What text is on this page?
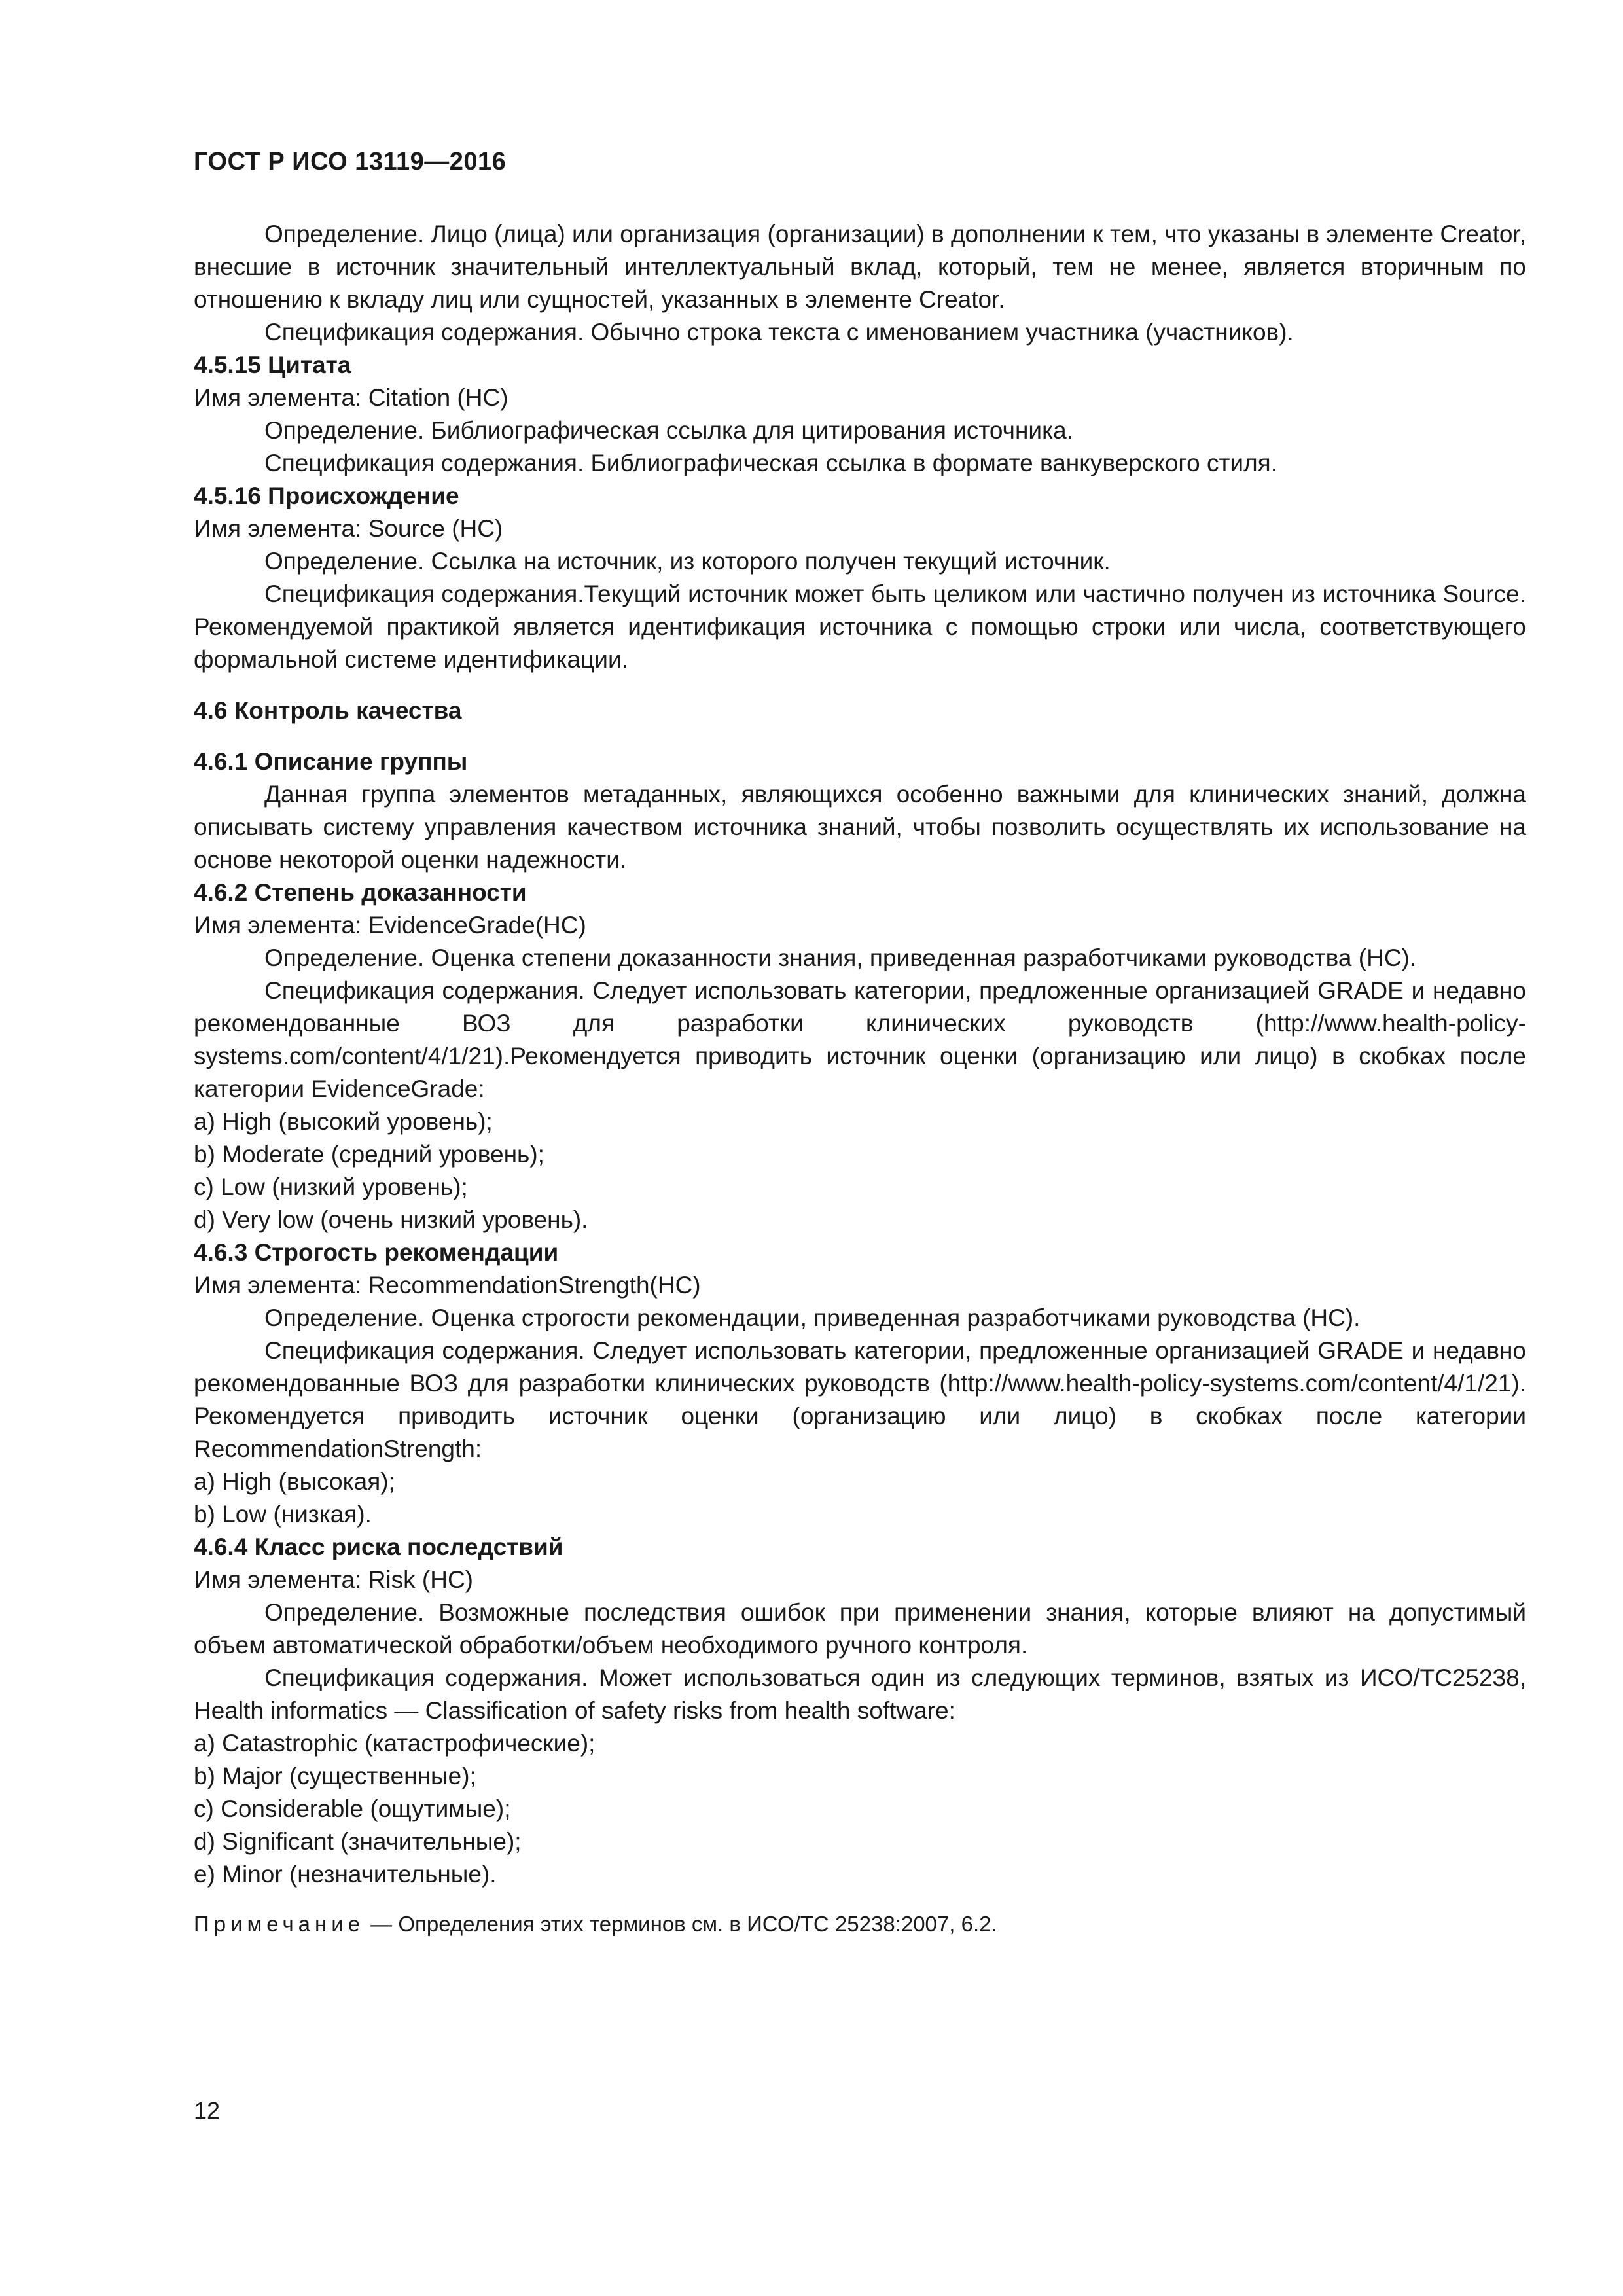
ГОСТ Р ИСО 13119—2016

Определение. Лицо (лица) или организация (организации) в дополнении к тем, что указаны в элементе Creator, внесшие в источник значительный интеллектуальный вклад, который, тем не менее, является вторичным по отношению к вкладу лиц или сущностей, указанных в элементе Creator.

Спецификация содержания. Обычно строка текста с именованием участника (участников).

4.5.15 Цитата

Имя элемента: Citation (НС)

Определение. Библиографическая ссылка для цитирования источника.

Спецификация содержания. Библиографическая ссылка в формате ванкуверского стиля.

4.5.16 Происхождение

Имя элемента: Source (НС)

Определение. Ссылка на источник, из которого получен текущий источник.

Спецификация содержания.Текущий источник может быть целиком или частично получен из источника Source. Рекомендуемой практикой является идентификация источника с помощью строки или числа, соответствующего формальной системе идентификации.

4.6 Контроль качества

4.6.1 Описание группы

Данная группа элементов метаданных, являющихся особенно важными для клинических знаний, должна описывать систему управления качеством источника знаний, чтобы позволить осуществлять их использование на основе некоторой оценки надежности.

4.6.2 Степень доказанности

Имя элемента: EvidenceGrade(НС)

Определение. Оценка степени доказанности знания, приведенная разработчиками руководства (НС).

Спецификация содержания. Следует использовать категории, предложенные организацией GRADE и недавно рекомендованные ВОЗ для разработки клинических руководств (http://www.health-policy-systems.com/content/4/1/21).Рекомендуется приводить источник оценки (организацию или лицо) в скобках после категории EvidenceGrade:

a) High (высокий уровень);

b) Moderate (средний уровень);

c) Low (низкий уровень);

d) Very low (очень низкий уровень).

4.6.3 Строгость рекомендации

Имя элемента: RecommendationStrength(НС)

Определение. Оценка строгости рекомендации, приведенная разработчиками руководства (НС).

Спецификация содержания. Следует использовать категории, предложенные организацией GRADE и недавно рекомендованные ВОЗ для разработки клинических руководств (http://www.health-policy-systems.com/content/4/1/21). Рекомендуется приводить источник оценки (организацию или лицо) в скобках после категории RecommendationStrength:

a) High (высокая);

b) Low (низкая).

4.6.4 Класс риска последствий

Имя элемента: Risk (НС)

Определение. Возможные последствия ошибок при применении знания, которые влияют на допустимый объем автоматической обработки/объем необходимого ручного контроля.

Спецификация содержания. Может использоваться один из следующих терминов, взятых из ИСО/ТС25238, Health informatics — Classification of safety risks from health software:

a) Catastrophic (катастрофические);

b) Major (существенные);

c) Considerable (ощутимые);

d) Significant (значительные);

e) Minor (незначительные).

Примечание — Определения этих терминов см. в ИСО/ТС 25238:2007, 6.2.

12
